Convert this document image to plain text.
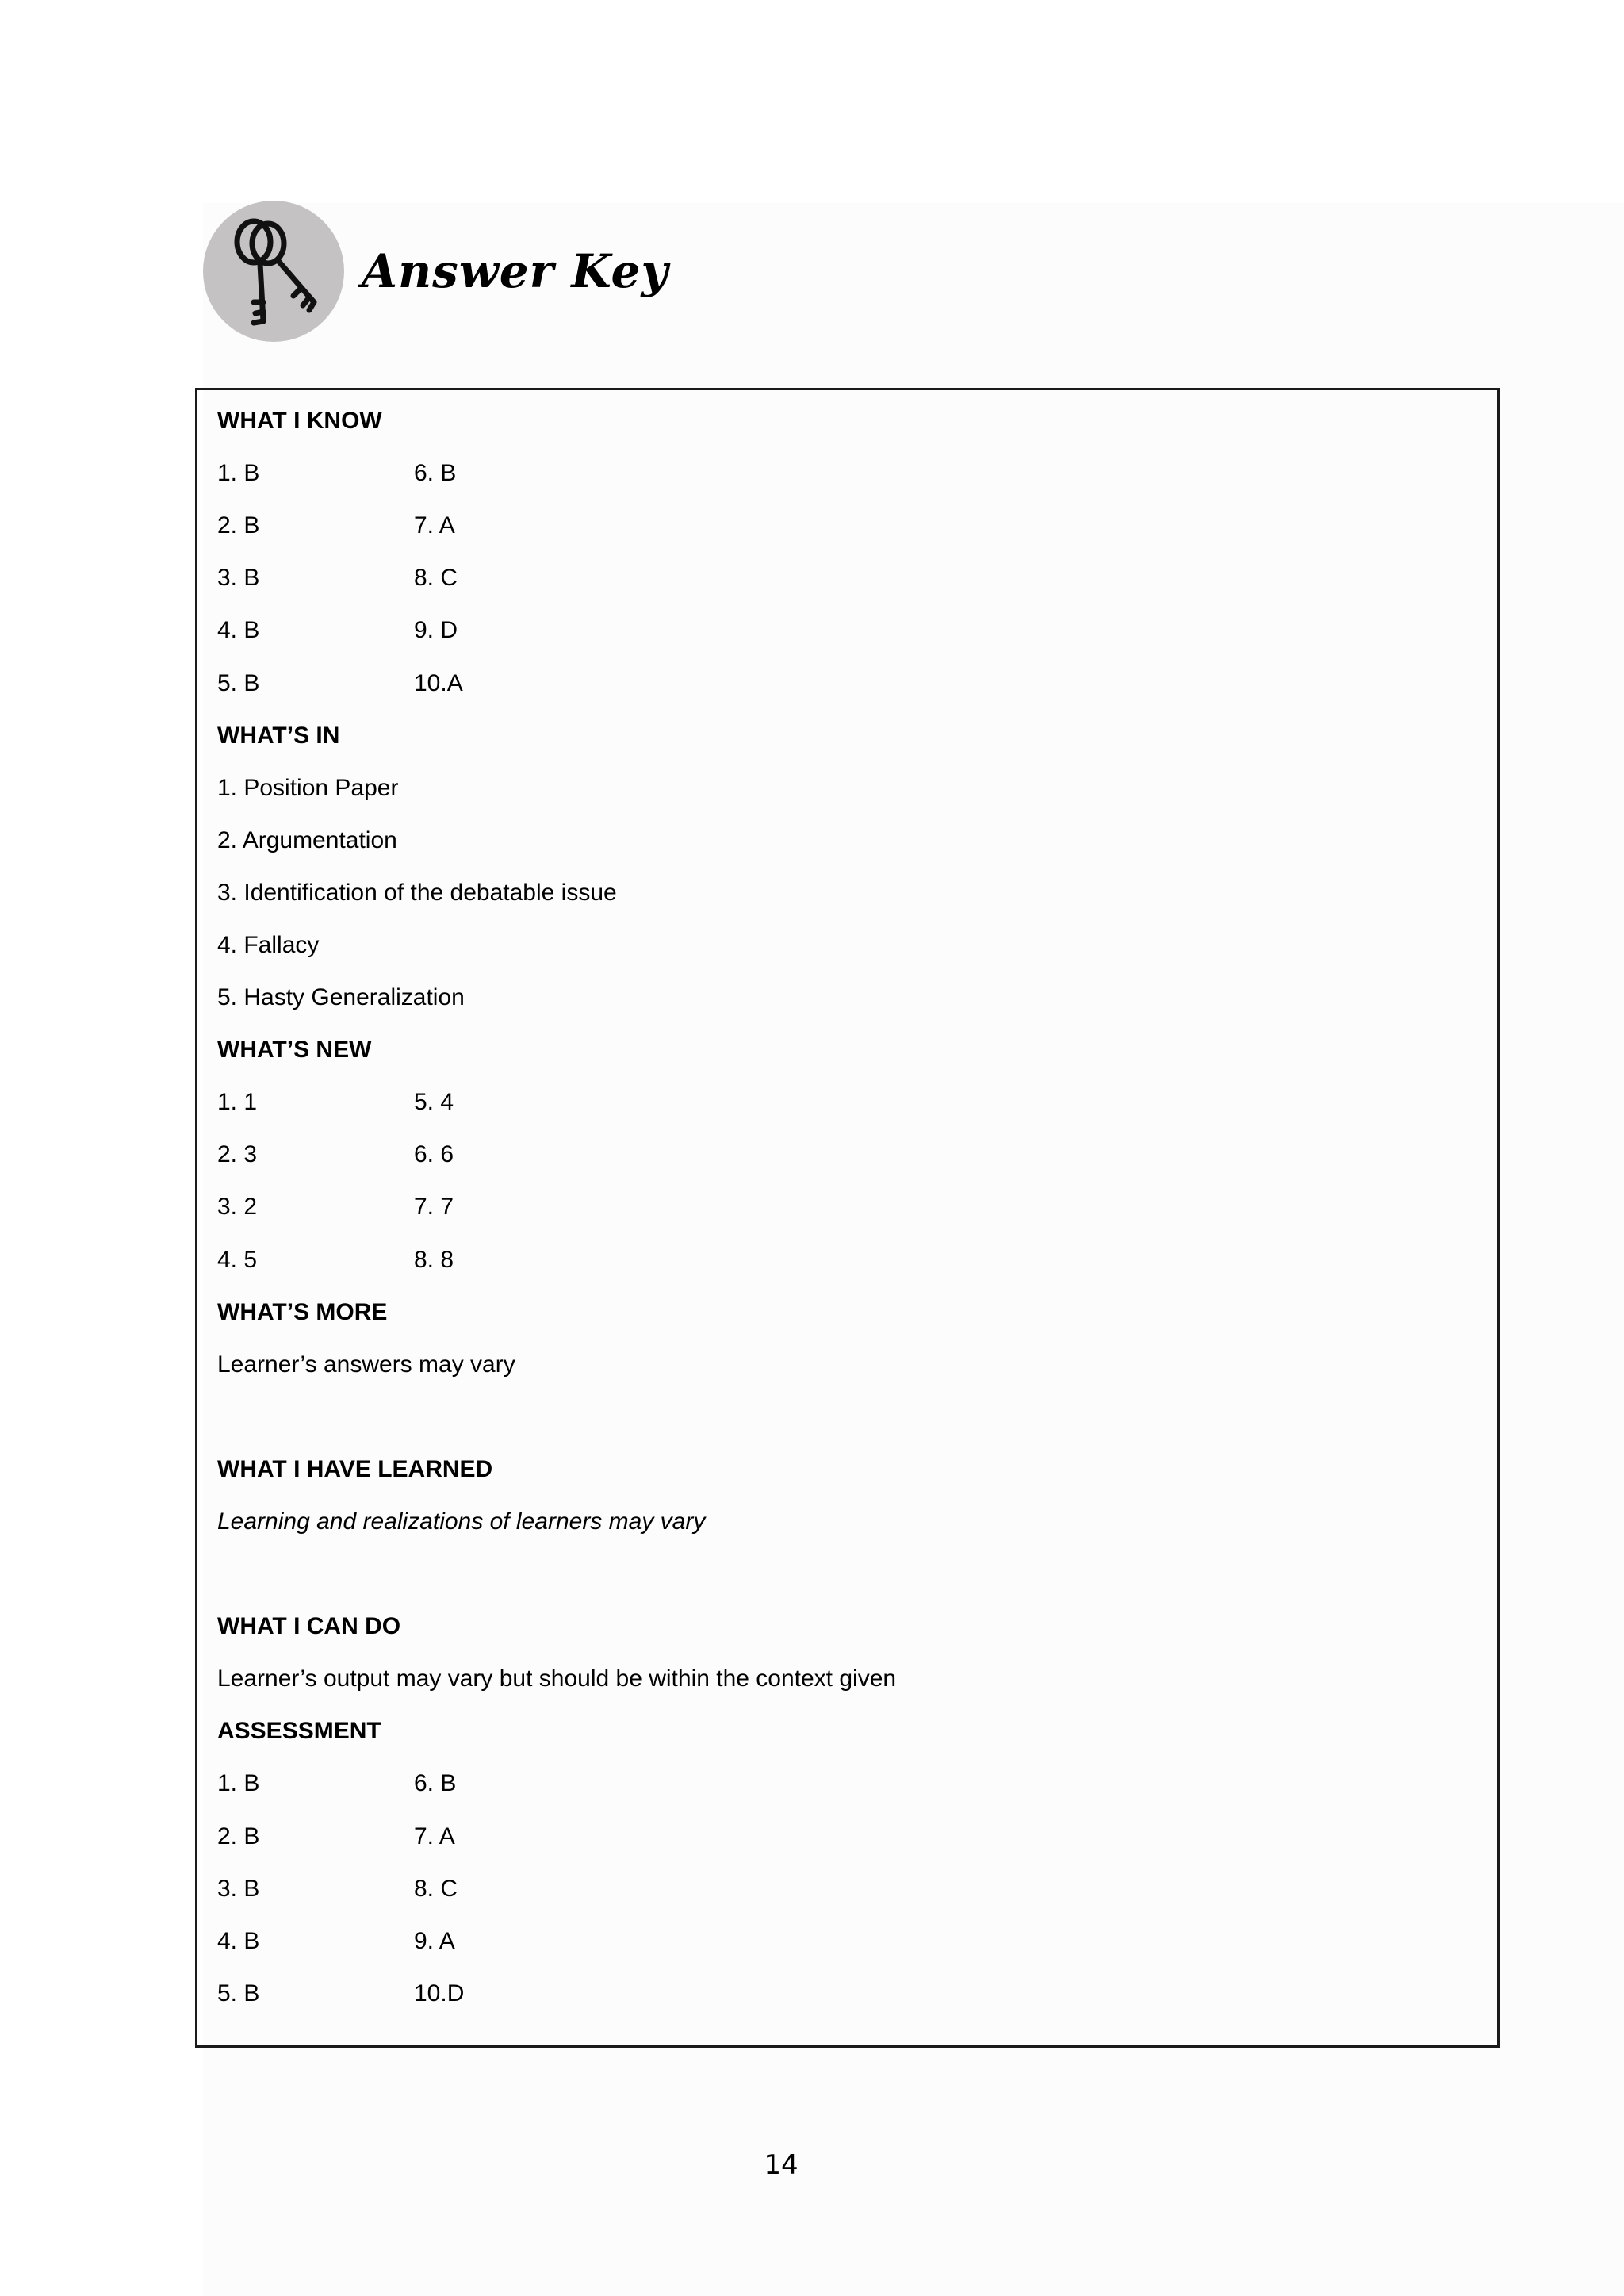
Answer Key
WHAT I KNOW
1. B	6. B
2. B	7. A
3. B	8. C
4. B	9. D
5. B	10.A
WHAT’S IN
1. Position Paper
2. Argumentation
3. Identification of the debatable issue
4. Fallacy
5. Hasty Generalization
WHAT’S NEW
1. 1	5. 4
2. 3	6. 6
3. 2	7. 7
4. 5	8. 8
WHAT’S MORE
Learner’s answers may vary
WHAT I HAVE LEARNED
Learning and realizations of learners may vary
WHAT I CAN DO
Learner’s output may vary but should be within the context given
ASSESSMENT
1. B	6. B
2. B	7. A
3. B	8. C
4. B	9. A
5. B	10.D
14
